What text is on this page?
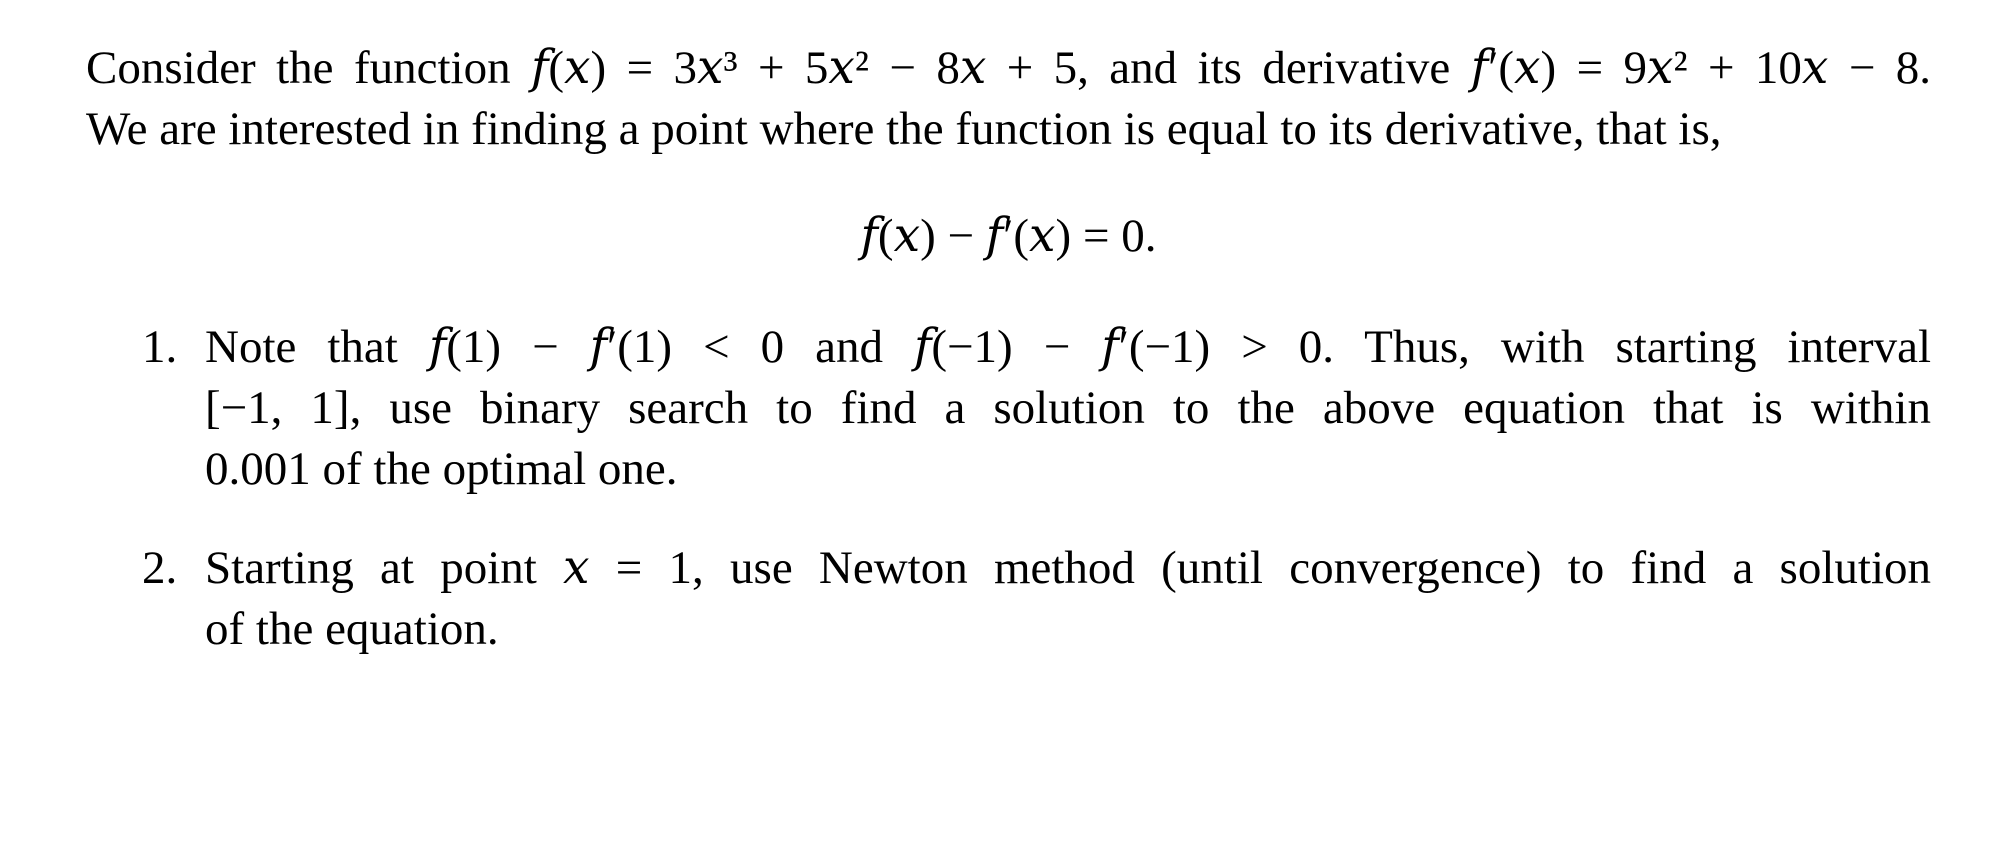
Consider the function 𝑓(𝑥) = 3𝑥³ + 5𝑥² − 8𝑥 + 5, and its derivative 𝑓′(𝑥) = 9𝑥² + 10𝑥 − 8.

We are interested in finding a point where the function is equal to its derivative, that is,

𝑓(𝑥) − 𝑓′(𝑥) = 0.

1. Note that 𝑓(1) − 𝑓′(1) < 0 and 𝑓(−1) − 𝑓′(−1) > 0. Thus, with starting interval

[−1, 1], use binary search to find a solution to the above equation that is within

0.001 of the optimal one.

2. Starting at point 𝑥 = 1, use Newton method (until convergence) to find a solution

of the equation.
